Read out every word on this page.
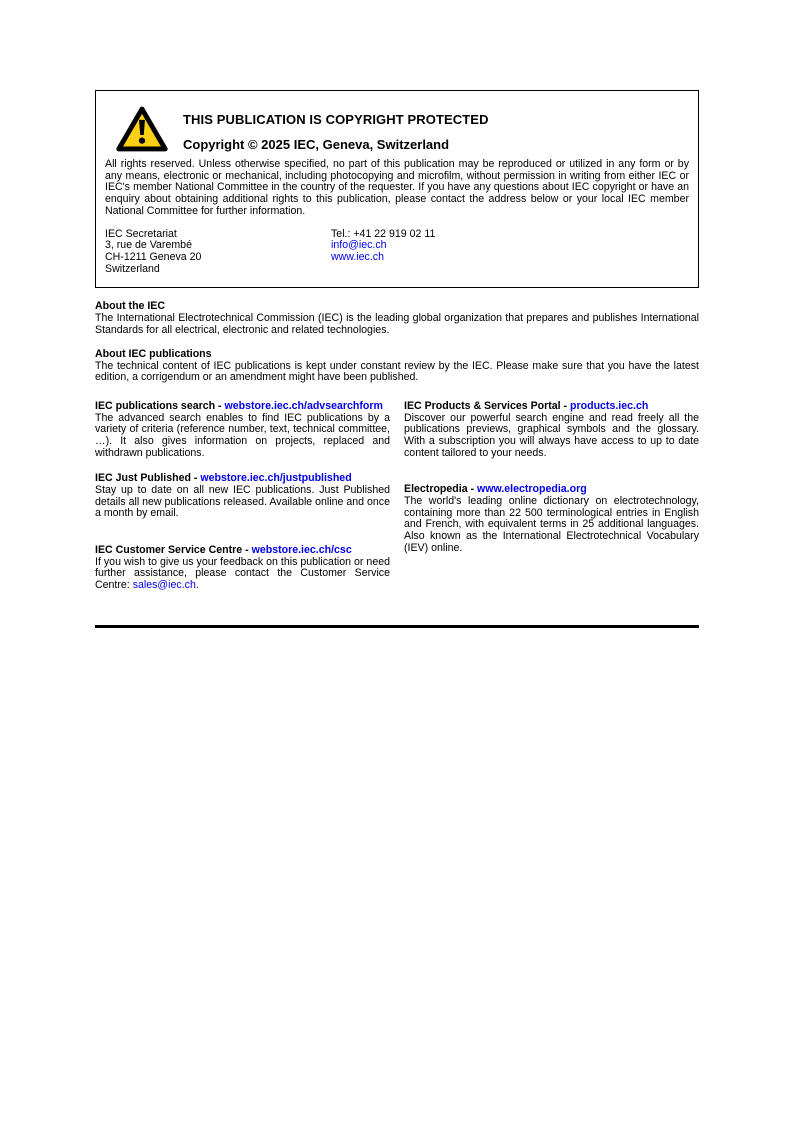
THIS PUBLICATION IS COPYRIGHT PROTECTED

Copyright © 2025 IEC, Geneva, Switzerland

All rights reserved. Unless otherwise specified, no part of this publication may be reproduced or utilized in any form or by any means, electronic or mechanical, including photocopying and microfilm, without permission in writing from either IEC or IEC's member National Committee in the country of the requester. If you have any questions about IEC copyright or have an enquiry about obtaining additional rights to this publication, please contact the address below or your local IEC member National Committee for further information.

IEC Secretariat
3, rue de Varembé
CH-1211 Geneva 20
Switzerland
Tel.: +41 22 919 02 11
info@iec.ch
www.iec.ch

About the IEC

The International Electrotechnical Commission (IEC) is the leading global organization that prepares and publishes International Standards for all electrical, electronic and related technologies.

About IEC publications

The technical content of IEC publications is kept under constant review by the IEC. Please make sure that you have the latest edition, a corrigendum or an amendment might have been published.

IEC publications search - webstore.iec.ch/advsearchform

The advanced search enables to find IEC publications by a variety of criteria (reference number, text, technical committee, …). It also gives information on projects, replaced and withdrawn publications.

IEC Just Published - webstore.iec.ch/justpublished

Stay up to date on all new IEC publications. Just Published details all new publications released. Available online and once a month by email.

IEC Customer Service Centre - webstore.iec.ch/csc

If you wish to give us your feedback on this publication or need further assistance, please contact the Customer Service Centre: sales@iec.ch.

IEC Products & Services Portal - products.iec.ch

Discover our powerful search engine and read freely all the publications previews, graphical symbols and the glossary. With a subscription you will always have access to up to date content tailored to your needs.

Electropedia - www.electropedia.org

The world's leading online dictionary on electrotechnology, containing more than 22 500 terminological entries in English and French, with equivalent terms in 25 additional languages. Also known as the International Electrotechnical Vocabulary (IEV) online.
